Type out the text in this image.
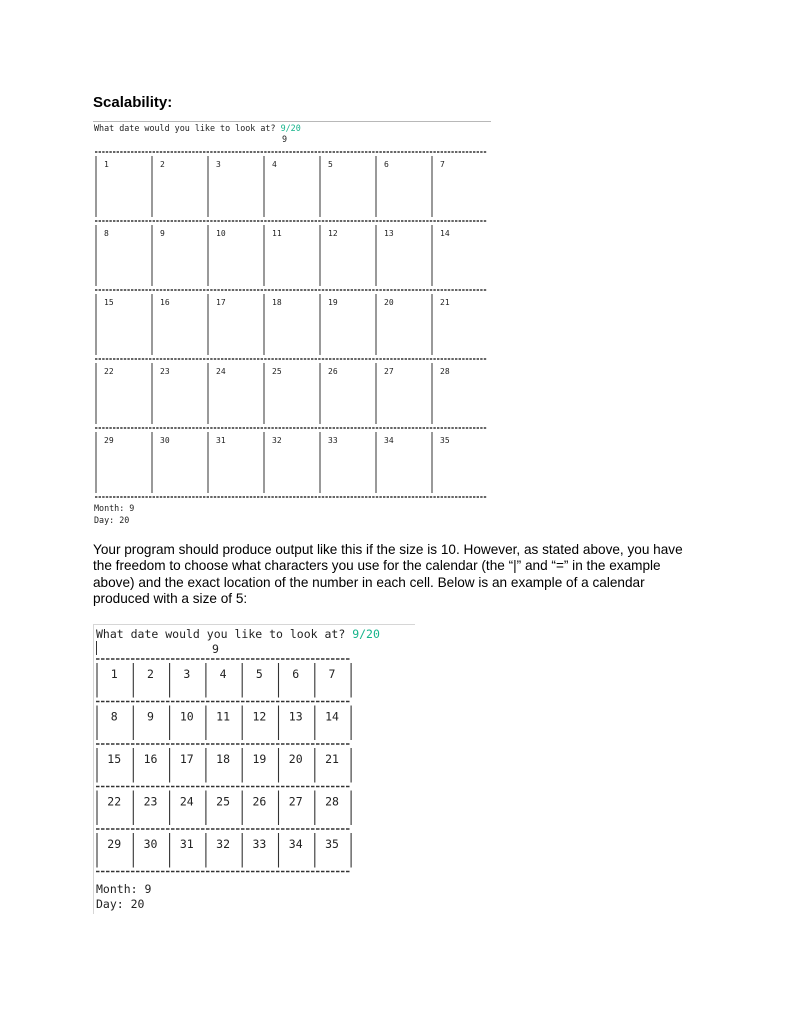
Scalability:
What date would you like to look at? 9/20
9
1	2	3	4	5	6	7
8	9	10	11	12	13	14
15	16	17	18	19	20	21
22	23	24	25	26	27	28
29	30	31	32	33	34	35
Month: 9
Day: 20

Your program should produce output like this if the size is 10. However, as stated above, you have the freedom to choose what characters you use for the calendar (the “|” and “=” in the example above) and the exact location of the number in each cell. Below is an example of a calendar produced with a size of 5:

What date would you like to look at? 9/20
9
1	2	3	4	5	6	7
8	9 10 11 12 13 14
15 16 17 18 19 20 21
22 23 24 25 26 27 28
29 30 31 32 33 34 35
Month: 9
Day: 20
